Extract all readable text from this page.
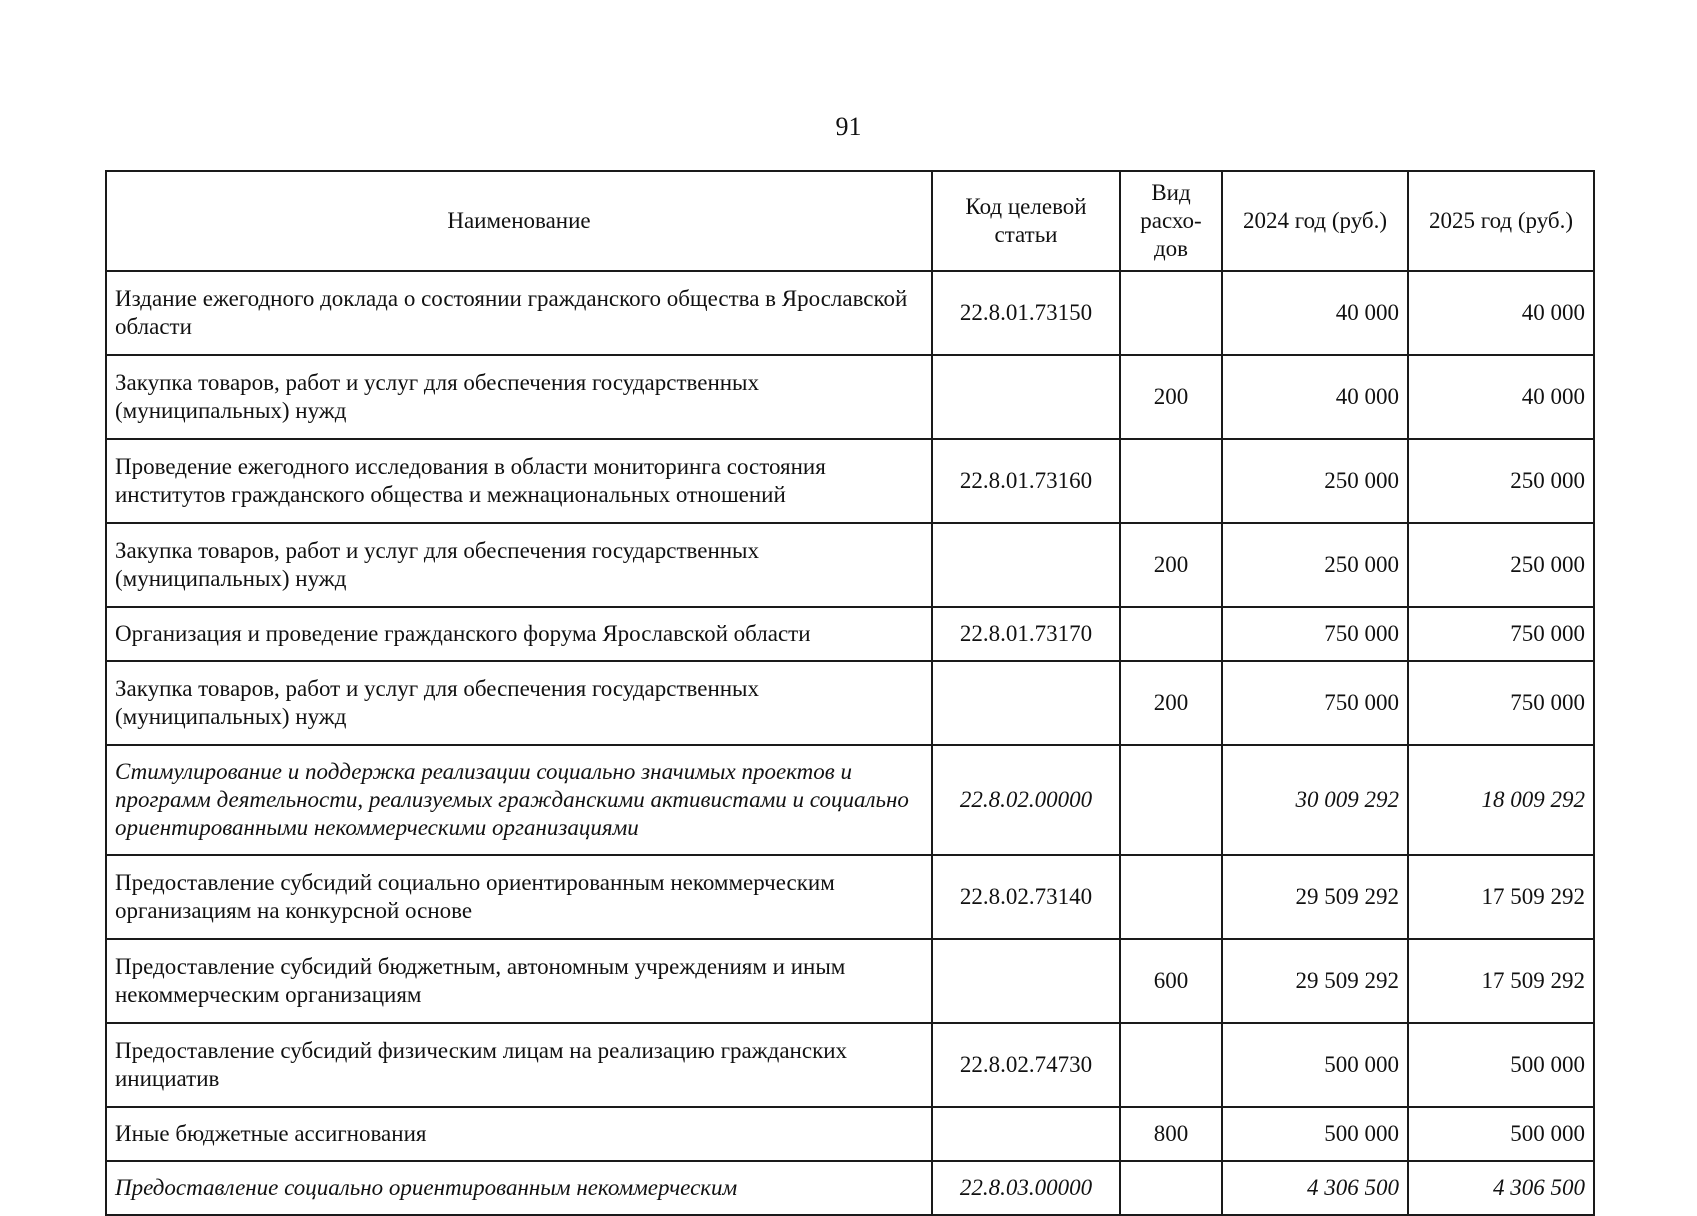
91
Наименование	Код целевой статьи	Вид расхо-дов	2024 год (руб.)	2025 год (руб.)
Издание ежегодного доклада о состоянии гражданского общества в Ярославской области	22.8.01.73150		40 000	40 000
Закупка товаров, работ и услуг для обеспечения государственных (муниципальных) нужд		200	40 000	40 000
Проведение ежегодного исследования в области мониторинга состояния институтов гражданского общества и межнациональных отношений	22.8.01.73160		250 000	250 000
Закупка товаров, работ и услуг для обеспечения государственных (муниципальных) нужд		200	250 000	250 000
Организация и проведение гражданского форума Ярославской области	22.8.01.73170		750 000	750 000
Закупка товаров, работ и услуг для обеспечения государственных (муниципальных) нужд		200	750 000	750 000
Стимулирование и поддержка реализации социально значимых проектов и программ деятельности, реализуемых гражданскими активистами и социально ориентированными некоммерческими организациями	22.8.02.00000		30 009 292	18 009 292
Предоставление субсидий социально ориентированным некоммерческим организациям на конкурсной основе	22.8.02.73140		29 509 292	17 509 292
Предоставление субсидий бюджетным, автономным учреждениям и иным некоммерческим организациям		600	29 509 292	17 509 292
Предоставление субсидий физическим лицам на реализацию гражданских инициатив	22.8.02.74730		500 000	500 000
Иные бюджетные ассигнования		800	500 000	500 000
Предоставление социально ориентированным некоммерческим	22.8.03.00000		4 306 500	4 306 500
